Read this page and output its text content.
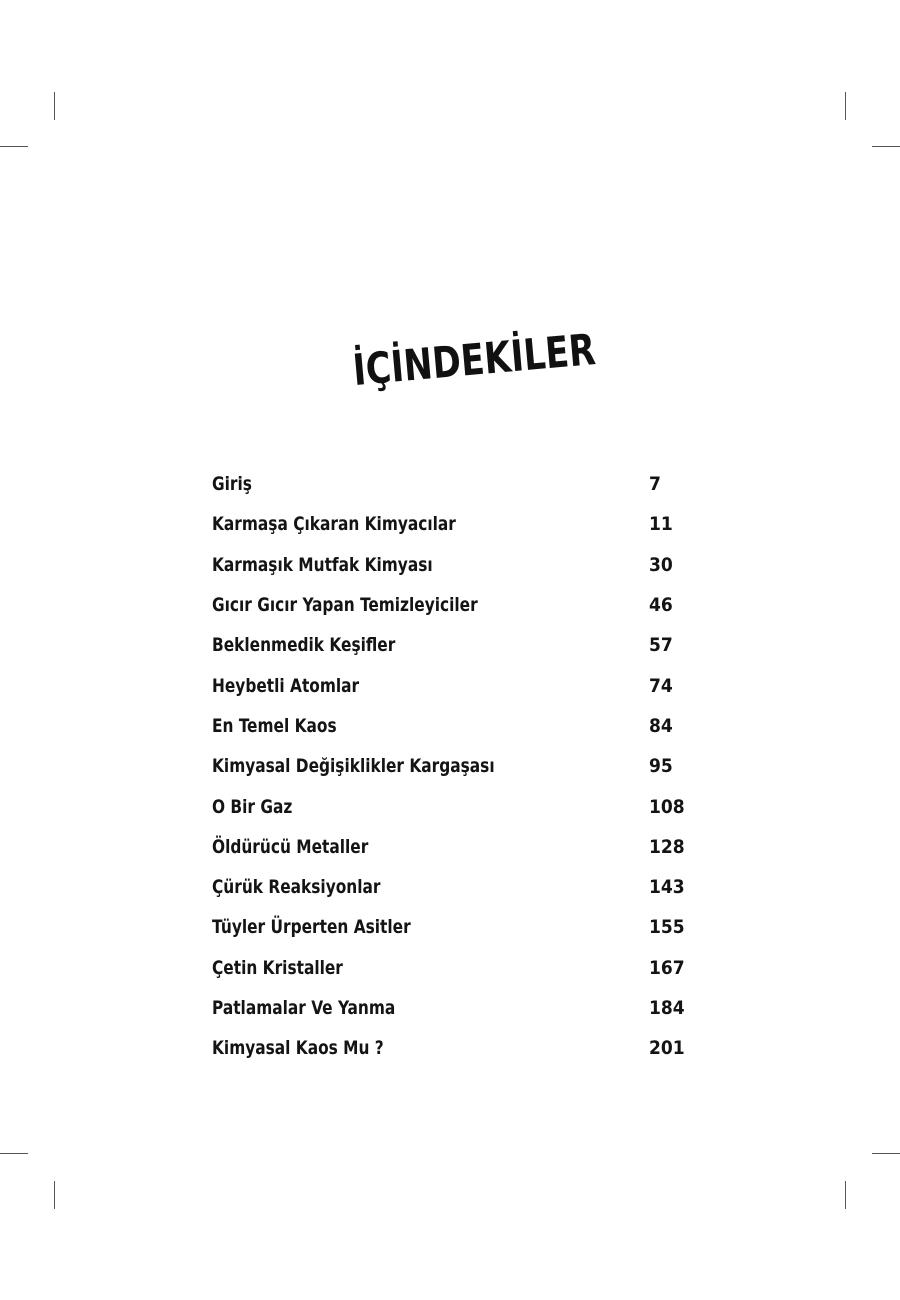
İÇİNDEKİLER
Giriş	7
Karmaşa Çıkaran Kimyacılar	11
Karmaşık Mutfak Kimyası	30
Gıcır Gıcır Yapan Temizleyiciler	46
Beklenmedik Keşifler	57
Heybetli Atomlar	74
En Temel Kaos	84
Kimyasal Değişiklikler Kargaşası	95
O Bir Gaz	108
Öldürücü Metaller	128
Çürük Reaksiyonlar	143
Tüyler Ürperten Asitler	155
Çetin Kristaller	167
Patlamalar Ve Yanma	184
Kimyasal Kaos Mu ?	201
